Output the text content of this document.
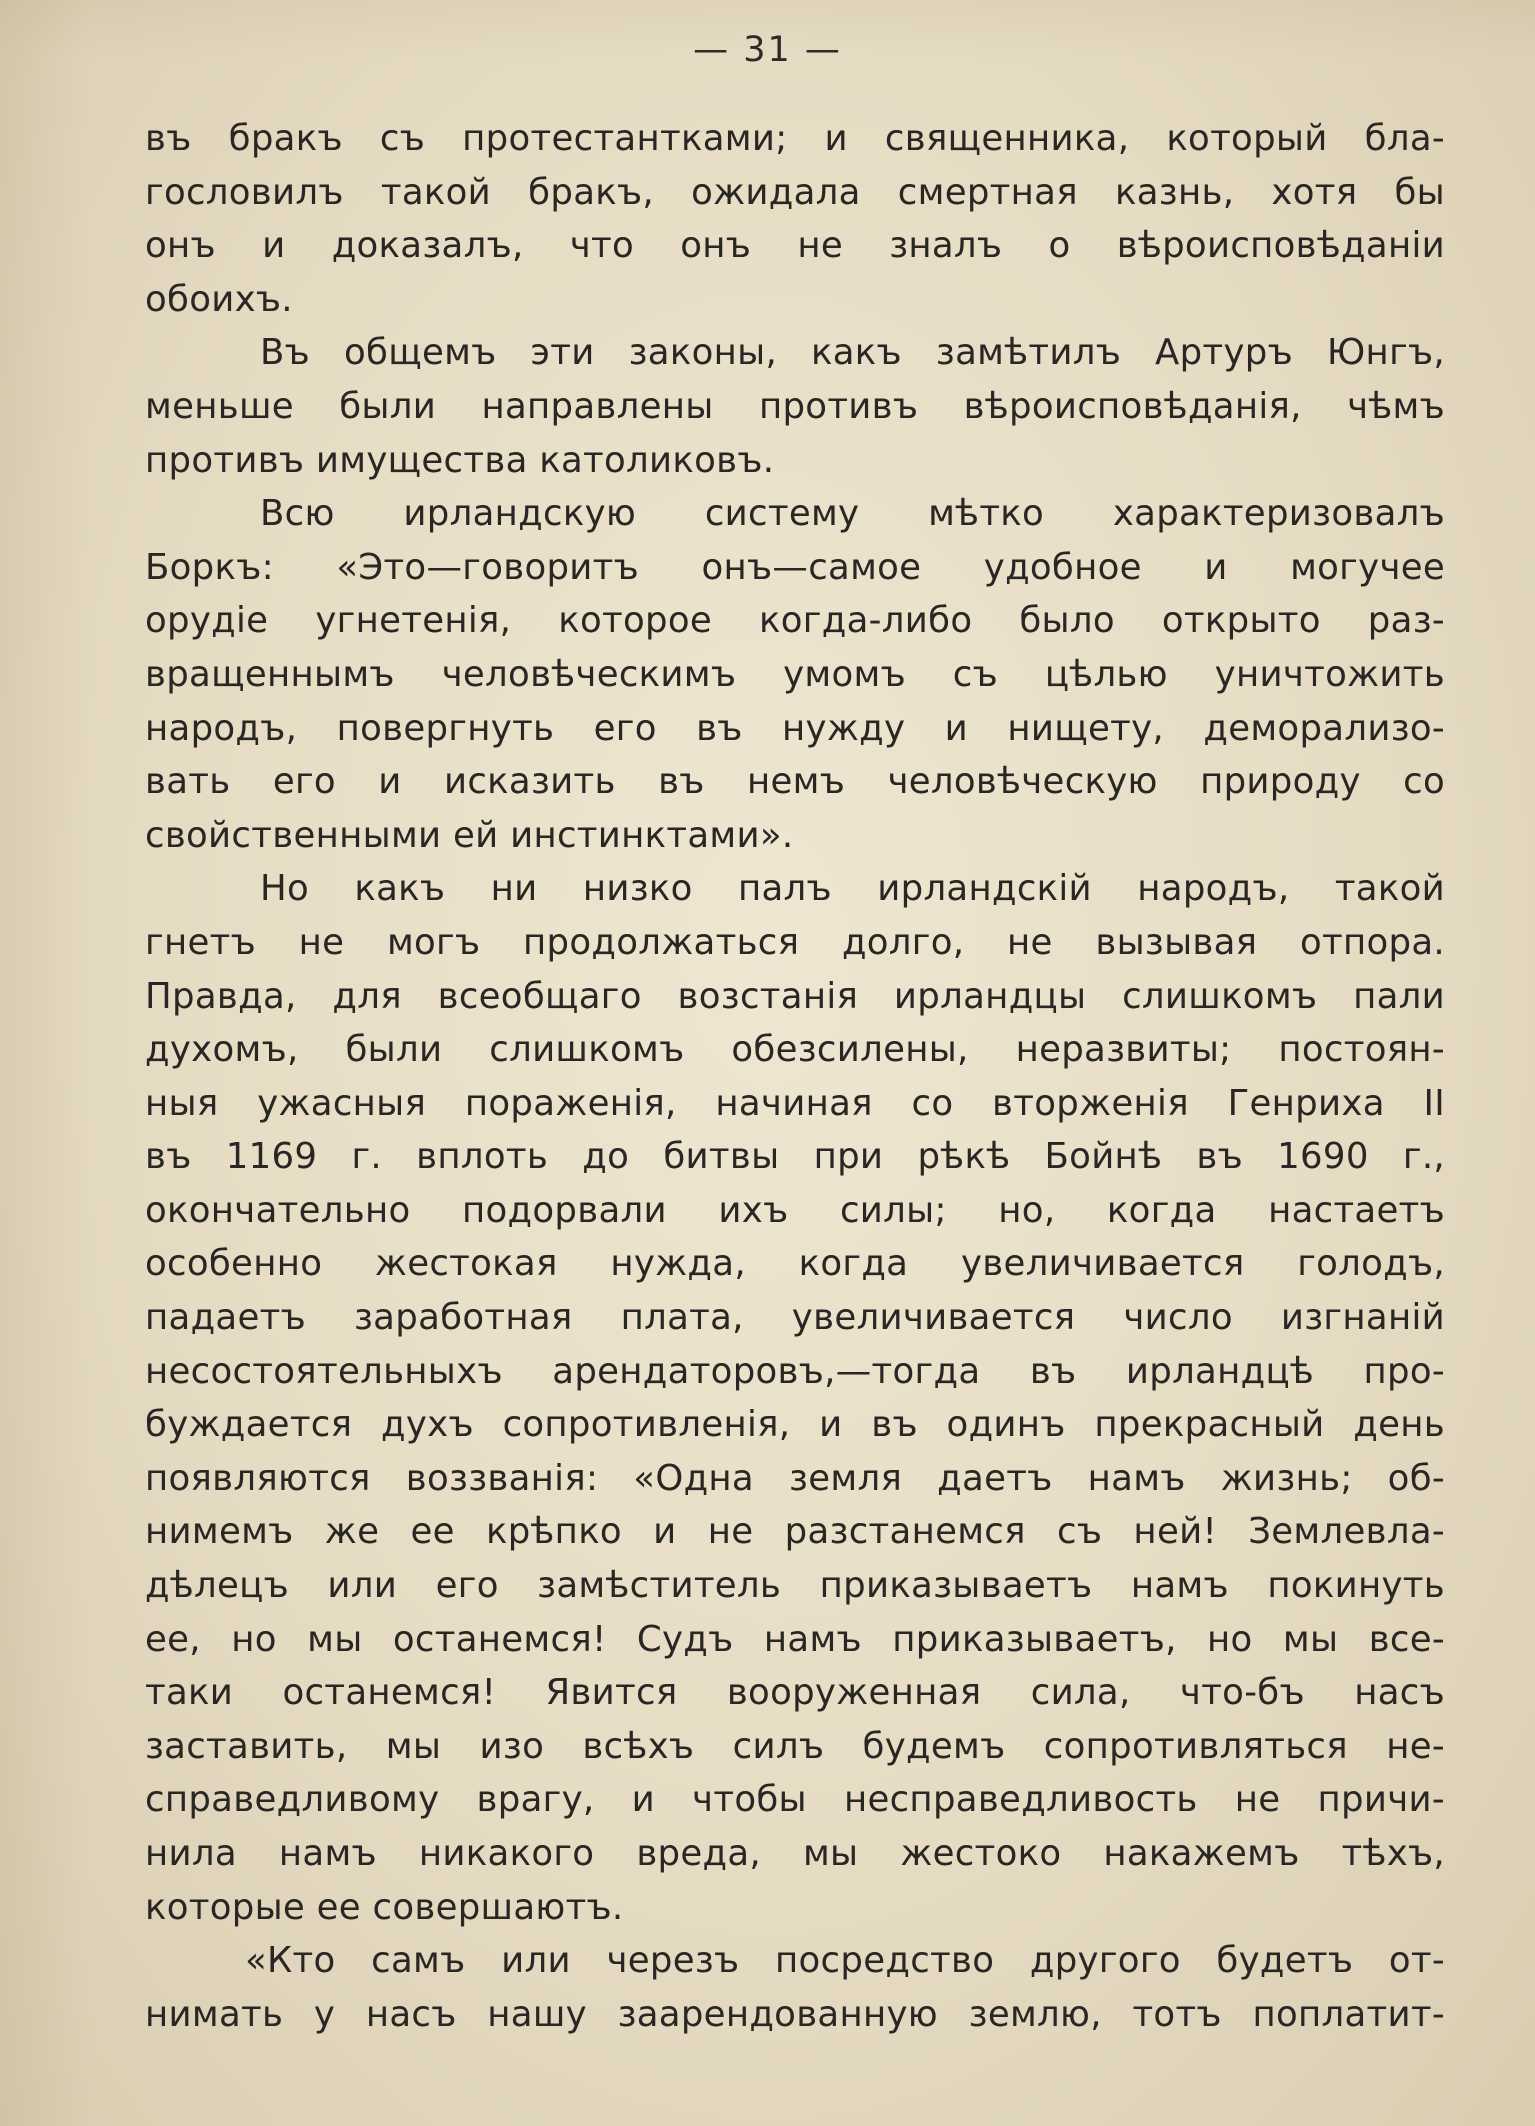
— 31 —
въ бракъ съ протестантками; и священника, который бла-
гословилъ такой бракъ, ожидала смертная казнь, хотя бы
онъ и доказалъ, что онъ не зналъ о вѣроисповѣданiи
обоихъ.
Въ общемъ эти законы, какъ замѣтилъ Артуръ Юнгъ,
меньше были направлены противъ вѣроисповѣданія, чѣмъ
противъ имущества католиковъ.
Всю ирландскую систему мѣтко характеризовалъ
Боркъ: «Это—говоритъ онъ—самое удобное и могучее
орудіе угнетенія, которое когда-либо было открыто раз-
вращеннымъ человѣческимъ умомъ съ цѣлью уничтожить
народъ, повергнуть его въ нужду и нищету, деморализо-
вать его и исказить въ немъ человѣческую природу со
свойственными ей инстинктами».
Но какъ ни низко палъ ирландскій народъ, такой
гнетъ не могъ продолжаться долго, не вызывая отпора.
Правда, для всеобщаго возстанія ирландцы слишкомъ пали
духомъ, были слишкомъ обезсилены, неразвиты; постоян-
ныя ужасныя пораженія, начиная со вторженія Генриха II
въ 1169 г. вплоть до битвы при рѣкѣ Бойнѣ въ 1690 г.,
окончательно подорвали ихъ силы; но, когда настаетъ
особенно жестокая нужда, когда увеличивается голодъ,
падаетъ заработная плата, увеличивается число изгнаній
несостоятельныхъ арендаторовъ,—тогда въ ирландцѣ про-
буждается духъ сопротивленія, и въ одинъ прекрасный день
появляются воззванія: «Одна земля даетъ намъ жизнь; об-
нимемъ же ее крѣпко и не разстанемся съ ней! Землевла-
дѣлецъ или его замѣститель приказываетъ намъ покинуть
ее, но мы останемся! Судъ намъ приказываетъ, но мы все-
таки останемся! Явится вооруженная сила, что-бъ насъ
заставить, мы изо всѣхъ силъ будемъ сопротивляться не-
справедливому врагу, и чтобы несправедливость не причи-
нила намъ никакого вреда, мы жестоко накажемъ тѣхъ,
которые ее совершаютъ.
«Кто самъ или черезъ посредство другого будетъ от-
нимать у насъ нашу заарендованную землю, тотъ поплатит-
